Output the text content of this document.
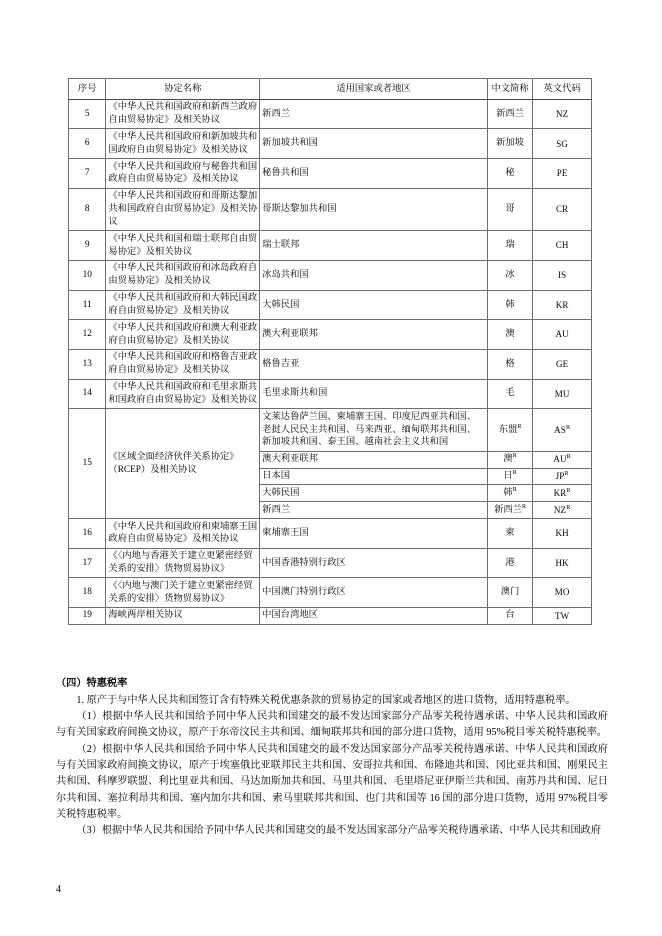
序号	协定名称	适用国家或者地区	中文简称	英文代码
5	《中华人民共和国政府和新西兰政府自由贸易协定》及相关协议	新西兰	新西兰	NZ
6	《中华人民共和国政府和新加坡共和国政府自由贸易协定》及相关协议	新加坡共和国	新加坡	SG
7	《中华人民共和国政府与秘鲁共和国政府自由贸易协定》及相关协议	秘鲁共和国	秘	PE
8	《中华人民共和国政府和哥斯达黎加共和国政府自由贸易协定》及相关协议	哥斯达黎加共和国	哥	CR
9	《中华人民共和国和瑞士联邦自由贸易协定》及相关协议	瑞士联邦	瑞	CH
10	《中华人民共和国政府和冰岛政府自由贸易协定》及相关协议	冰岛共和国	冰	IS
11	《中华人民共和国政府和大韩民国政府自由贸易协定》及相关协议	大韩民国	韩	KR
12	《中华人民共和国政府和澳大利亚政府自由贸易协定》及相关协议	澳大利亚联邦	澳	AU
13	《中华人民共和国政府和格鲁吉亚政府自由贸易协定》及相关协议	格鲁吉亚	格	GE
14	《中华人民共和国政府和毛里求斯共和国政府自由贸易协定》及相关协议	毛里求斯共和国	毛	MU
15	《区域全面经济伙伴关系协定》（RCEP）及相关协议	文莱达鲁萨兰国、柬埔寨王国、印度尼西亚共和国、老挝人民民主共和国、马来西亚、缅甸联邦共和国、新加坡共和国、泰王国、越南社会主义共和国	东盟$^R$	$AS^R$
		澳大利亚联邦	澳$^R$	$AU^R$
		日本国	日$^R$	$JP^R$
		大韩民国	韩$^R$	$KR^R$
		新西兰	新西兰$^R$	$NZ^R$
16	《中华人民共和国政府和柬埔寨王国政府自由贸易协定》及相关协议	柬埔寨王国	柬	KH
17	《〈内地与香港关于建立更紧密经贸关系的安排〉货物贸易协议》	中国香港特别行政区	港	HK
18	《〈内地与澳门关于建立更紧密经贸关系的安排〉货物贸易协议》	中国澳门特别行政区	澳门	MO
19	海峡两岸相关协议	中国台湾地区	台	TW
（四）特惠税率

1. 原产于与中华人民共和国签订含有特殊关税优惠条款的贸易协定的国家或者地区的进口货物，适用特惠税率。

（1）根据中华人民共和国给予同中华人民共和国建交的最不发达国家部分产品零关税待遇承诺、中华人民共和国政府与有关国家政府间换文协议，原产于东帝汶民主共和国、缅甸联邦共和国的部分进口货物，适用 95%税目零关税特惠税率。

（2）根据中华人民共和国给予同中华人民共和国建交的最不发达国家部分产品零关税待遇承诺、中华人民共和国政府与有关国家政府间换文协议，原产于埃塞俄比亚联邦民主共和国、安哥拉共和国、布隆迪共和国、冈比亚共和国、刚果民主共和国、科摩罗联盟、利比里亚共和国、马达加斯加共和国、马里共和国、毛里塔尼亚伊斯兰共和国、南苏丹共和国、尼日尔共和国、塞拉利昂共和国、塞内加尔共和国、索马里联邦共和国、也门共和国等 16 国的部分进口货物，适用 97%税目零关税特惠税率。

（3）根据中华人民共和国给予同中华人民共和国建交的最不发达国家部分产品零关税待遇承诺、中华人民共和国政府

4
